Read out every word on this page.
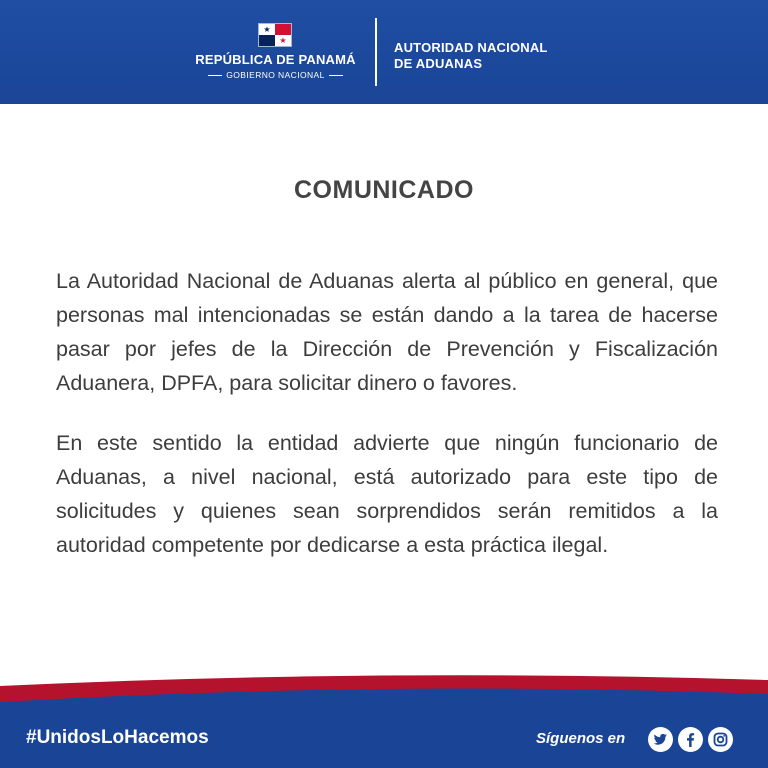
★
★
REPÚBLICA DE PANAMÁ
GOBIERNO NACIONAL
AUTORIDAD NACIONAL
DE ADUANAS
COMUNICADO
La Autoridad Nacional de Aduanas alerta al público en general, que personas mal intencionadas se están dando a la tarea de hacerse pasar por jefes de la Dirección de Prevención y Fiscalización Aduanera, DPFA, para solicitar dinero o favores.
En este sentido la entidad advierte que ningún funcionario de Aduanas, a nivel nacional, está autorizado para este tipo de solicitudes y quienes sean sorprendidos serán remitidos a la autoridad competente por dedicarse a esta práctica ilegal.
#UnidosLoHacemos	Síguenos en
